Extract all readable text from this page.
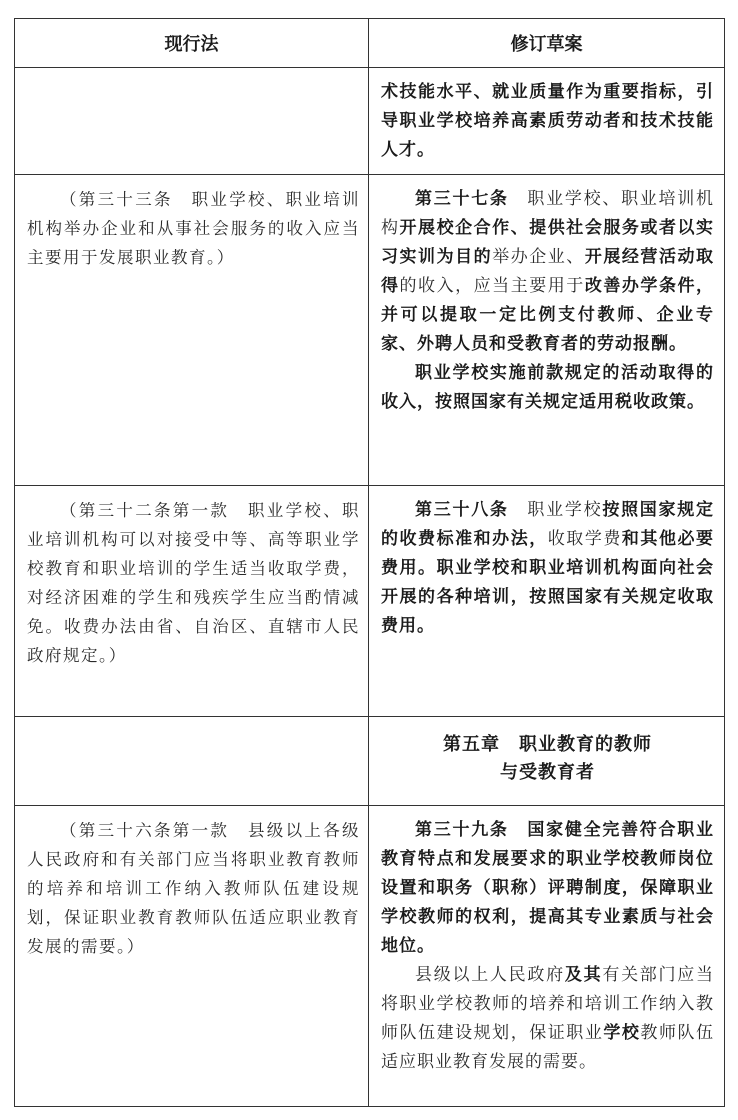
现行法	修订草案

	术技能水平、就业质量作为重要指标，引导职业学校培养高素质劳动者和技术技能人才。

（第三十三条　职业学校、职业培训机构举办企业和从事社会服务的收入应当主要用于发展职业教育。）	第三十七条　 职业学校、职业培训机构开展校企合作、提供社会服务或者以实习实训为目的举办企业、开展经营活动取得的收入，应当主要用于改善办学条件，并可以提取一定比例支付教师、企业专家、外聘人员和受教育者的劳动报酬。

职业学校实施前款规定的活动取得的收入，按照国家有关规定适用税收政策。

（第三十二条第一款　职业学校、职业培训机构可以对接受中等、高等职业学校教育和职业培训的学生适当收取学费，对经济困难的学生和残疾学生应当酌情减免。收费办法由省、自治区、直辖市人民政府规定。）	第三十八条　 职业学校按照国家规定的收费标准和办法，收取学费和其他必要费用。职业学校和职业培训机构面向社会开展的各种培训，按照国家有关规定收取费用。

	第五章　职业教育的教师
与受教育者

（第三十六条第一款　县级以上各级人民政府和有关部门应当将职业教育教师的培养和培训工作纳入教师队伍建设规划，保证职业教育教师队伍适应职业教育发展的需要。）	第三十九条　 国家健全完善符合职业教育特点和发展要求的职业学校教师岗位设置和职务（职称）评聘制度，保障职业学校教师的权利，提高其专业素质与社会地位。

县级以上人民政府及其有关部门应当将职业学校教师的培养和培训工作纳入教师队伍建设规划，保证职业学校教师队伍适应职业教育发展的需要。
